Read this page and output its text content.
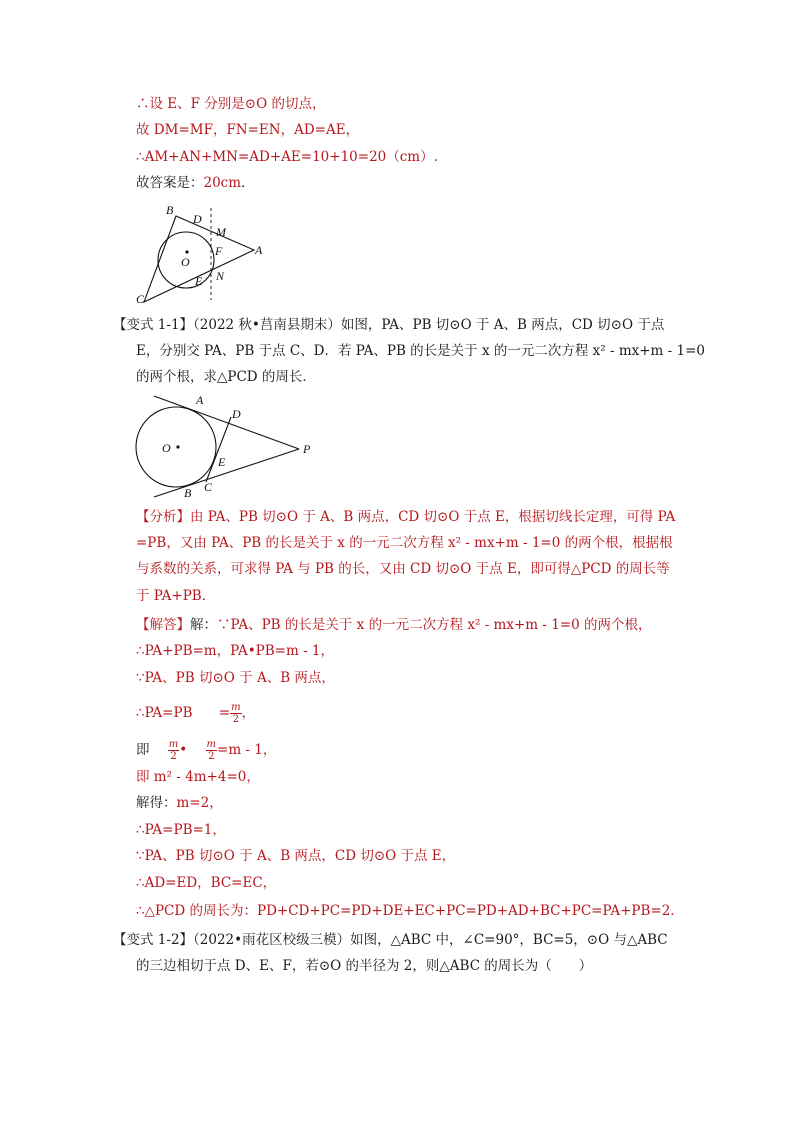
∴设 E、F 分别是⊙O 的切点，
故 DM=MF，FN=EN，AD=AE，
∴AM+AN+MN=AD+AE=10+10=20（cm）.
故答案是：20cm．
B
D
M
F	A
O
N
E
C
【变式 1-1】（2022 秋•莒南县期末）如图，PA、PB 切⊙O 于 A、B 两点，CD 切⊙O 于点
E，分别交 PA、PB 于点 C、D．若 PA、PB 的长是关于 x 的一元二次方程 x² - mx+m - 1=0
的两个根，求△PCD 的周长．
A
D
O	P
E
B C
【分析】由 PA、PB 切⊙O 于 A、B 两点，CD 切⊙O 于点 E，根据切线长定理，可得 PA
=PB，又由 PA、PB 的长是关于 x 的一元二次方程 x² - mx+m - 1=0 的两个根，根据根
与系数的关系，可求得 PA 与 PB 的长，又由 CD 切⊙O 于点 E，即可得△PCD 的周长等
于 PA+PB．
【解答】解：∵PA、PB 的长是关于 x 的一元二次方程 x² - mx+m - 1=0 的两个根，
∴PA+PB=m，PA•PB=m - 1，
∵PA、PB 切⊙O 于 A、B 两点，
∴PA=PB = $\frac{m}{2}$ ，
即 $\frac{m}{2}$ • $\frac{m}{2} =m - 1$，
即 m² - 4m+4=0，
解得：m=2，
∴PA=PB=1，
∵PA、PB 切⊙O 于 A、B 两点，CD 切⊙O 于点 E，
∴AD=ED，BC=EC，
∴△PCD 的周长为：PD+CD+PC=PD+DE+EC+PC=PD+AD+BC+PC=PA+PB=2．
【变式 1-2】（2022•雨花区校级三模）如图，△ABC 中，∠C=90°，BC=5，⊙O 与△ABC
的三边相切于点 D、E、F，若⊙O 的半径为 2，则△ABC 的周长为（　　）
